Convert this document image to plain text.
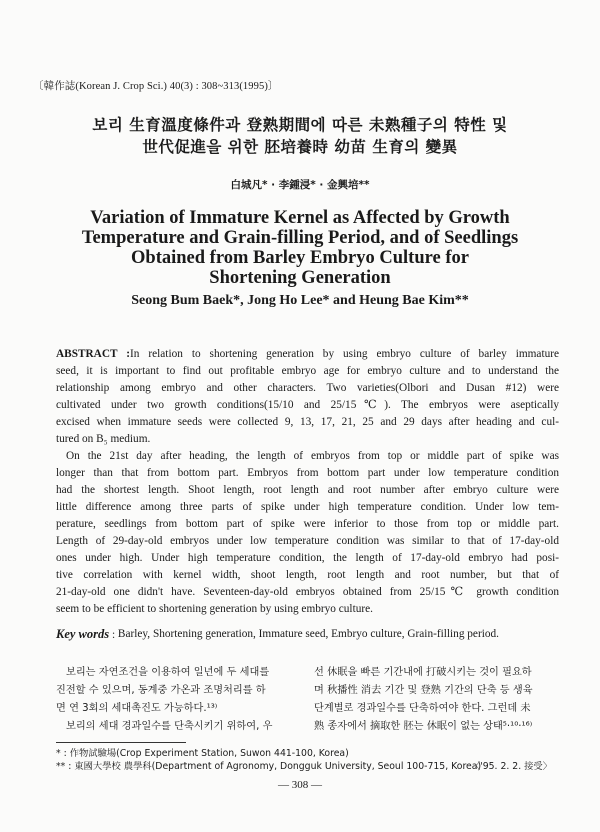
〔韓作誌(Korean J. Crop Sci.) 40(3) : 308~313(1995)〕
보리 生育溫度條件과 登熟期間에 따른 未熟種子의 特性 및
世代促進을 위한 胚培養時 幼苗 生育의 變異
白城凡* · 李鍾浸* · 金興培**
Variation of Immature Kernel as Affected by Growth
Temperature and Grain-filling Period, and of Seedlings
Obtained from Barley Embryo Culture for
Shortening Generation
Seong Bum Baek*, Jong Ho Lee* and Heung Bae Kim**
ABSTRACT :In relation to shortening generation by using embryo culture of barley immature
seed, it is important to find out profitable embryo age for embryo culture and to understand the
relationship among embryo and other characters. Two varieties(Olbori and Dusan #12) were
cultivated under two growth conditions(15/10 and 25/15℃). The embryos were aseptically
excised when immature seeds were collected 9, 13, 17, 21, 25 and 29 days after heading and cul-
tured on B₅ medium.
On the 21st day after heading, the length of embryos from top or middle part of spike was
longer than that from bottom part. Embryos from bottom part under low temperature condition
had the shortest length. Shoot length, root length and root number after embryo culture were
little difference among three parts of spike under high temperature condition. Under low tem-
perature, seedlings from bottom part of spike were inferior to those from top or middle part.
Length of 29-day-old embryos under low temperature condition was similar to that of 17-day-old
ones under high. Under high temperature condition, the length of 17-day-old embryo had posi-
tive correlation with kernel width, shoot length, root length and root number, but that of
21-day-old one didn't have. Seventeen-day-old embryos obtained from 25/15℃ growth condition
seem to be efficient to shortening generation by using embryo culture.
Key words : Barley, Shortening generation, Immature seed, Embryo culture, Grain-filling period.
보리는 자연조건을 이용하여 일년에 두 세대를
진전할 수 있으며, 동계중 가온과 조명처리를 하
면 연 3회의 세대촉진도 가능하다.¹³⁾
보리의 세대 경과일수를 단축시키기 위하여, 우
선 休眠을 빠른 기간내에 打破시키는 것이 필요하
며 秋播性 消去 기간 및 登熟 기간의 단축 등 생육
단계별로 경과일수를 단축하여야 한다. 그런데 未
熟 종자에서 摘取한 胚는 休眠이 없는 상태⁵·¹⁰·¹⁶⁾
* : 作物試驗場(Crop Experiment Station, Suwon 441-100, Korea)
** : 東國大學校 農學科(Department of Agronomy, Dongguk University, Seoul 100-715, Korea)
〈'95. 2. 2. 接受〉
— 308 —
